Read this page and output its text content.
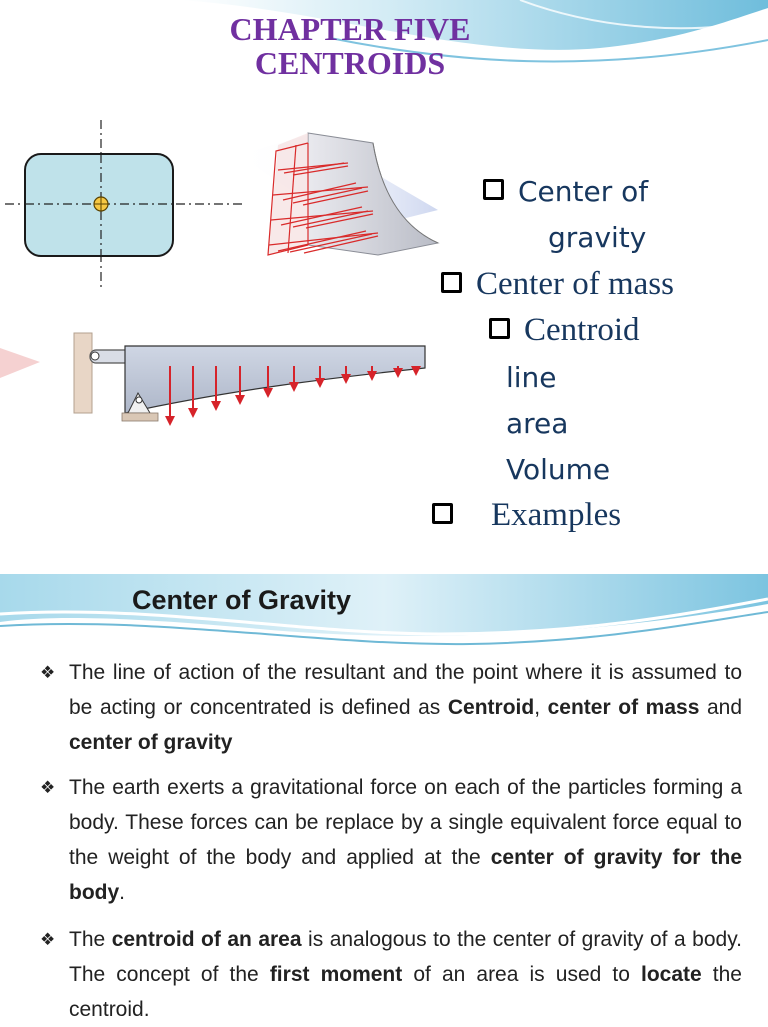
CHAPTER FIVE
CENTROIDS
Center of
gravity
Center of mass
Centroid
line
area
Volume
Examples
Center of Gravity
❖ The line of action of the resultant and the point where it is assumed to be acting or concentrated is defined as Centroid, center of mass and center of gravity
❖ The earth exerts a gravitational force on each of the particles forming a body. These forces can be replace by a single equivalent force equal to the weight of the body and applied at the center of gravity for the body.
❖ The centroid of an area is analogous to the center of gravity of a body. The concept of the first moment of an area is used to locate the centroid.
